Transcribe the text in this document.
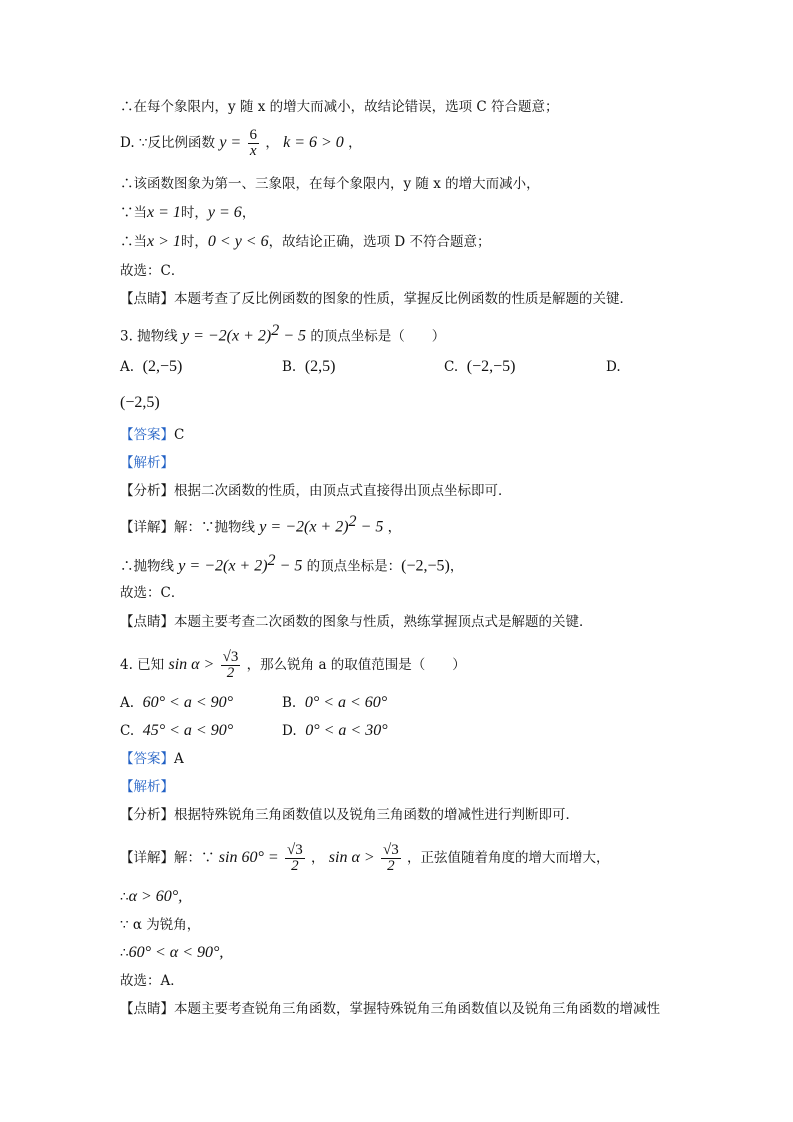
∴在每个象限内，y 随 x 的增大而减小，故结论错误，选项 C 符合题意；
D. ∵反比例函数 $y = \frac{6}{x}$ ， k = 6 > 0 ，
∴该函数图象为第一、三象限，在每个象限内，y 随 x 的增大而减小，
∵当x = 1时，y = 6，
∴当x > 1时，0 < y < 6，故结论正确，选项 D 不符合题意；
故选：C．
【点睛】本题考查了反比例函数的图象的性质，掌握反比例函数的性质是解题的关键．
3. 抛物线 $y = -2(x + 2)^2 - 5$ 的顶点坐标是（　　）
A. (2,−5)	B. (2,5)	C. (−2,−5)	D.
(−2,5)
【答案】C
【解析】
【分析】根据二次函数的性质，由顶点式直接得出顶点坐标即可．
【详解】解：∵抛物线 $y = -2(x + 2)^2 - 5$ ，
∴抛物线 $y = -2(x + 2)^2 - 5$ 的顶点坐标是：(−2,−5)，
故选：C．
【点睛】本题主要考查二次函数的图象与性质，熟练掌握顶点式是解题的关键．
4. 已知 $\sin \alpha > \frac{√3}{2}$ ，那么锐角 a 的取值范围是（　　）
A. 60° < a < 90°	B. 0° < a < 60°
C. 45° < a < 90°	D. 0° < a < 30°
【答案】A
【解析】
【分析】根据特殊锐角三角函数值以及锐角三角函数的增减性进行判断即可．
【详解】解：∵ $\sin 60^\circ = \frac{√3}{2}$ ， $\sin \alpha > \frac{√3}{2}$ ，正弦值随着角度的增大而增大，
∴α > 60°,
∵ α 为锐角，
∴60° < α < 90°,
故选：A．
【点睛】本题主要考查锐角三角函数，掌握特殊锐角三角函数值以及锐角三角函数的增减性
